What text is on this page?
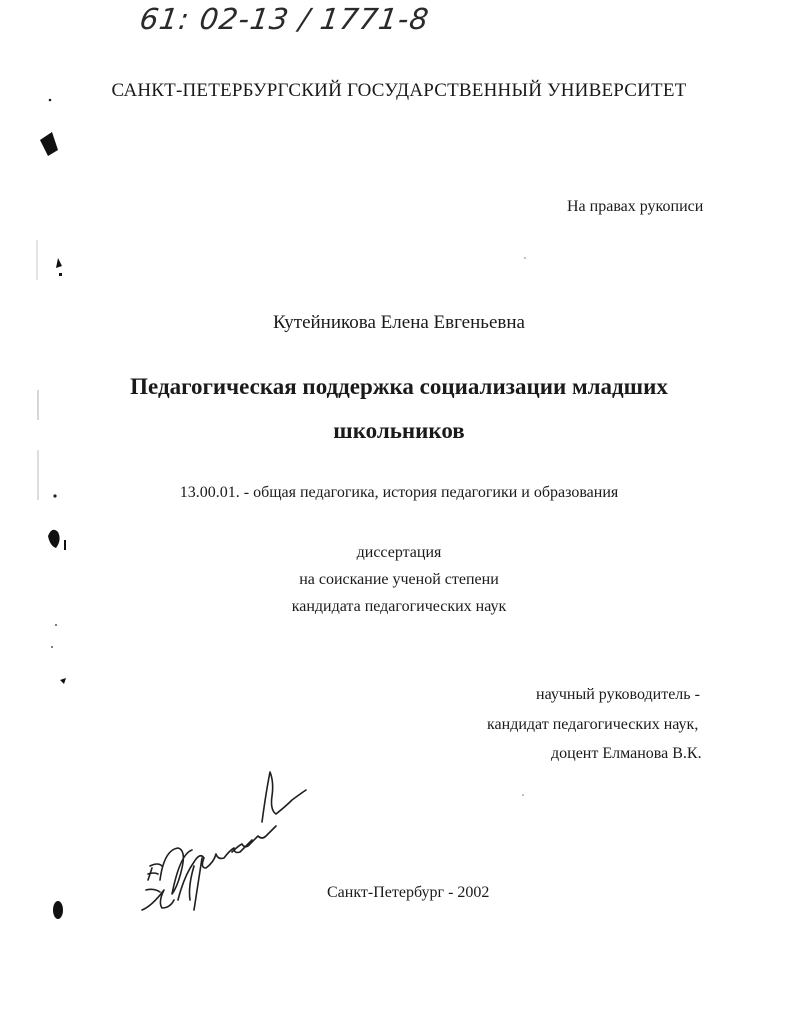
61: 02-13 / 1771-8
САНКТ-ПЕТЕРБУРГСКИЙ ГОСУДАРСТВЕННЫЙ УНИВЕРСИТЕТ
На правах рукописи
Кутейникова Елена Евгеньевна
Педагогическая поддержка социализации младших
школьников
13.00.01. - общая педагогика, история педагогики и образования
диссертация
на соискание ученой степени
кандидата педагогических наук
научный руководитель -
кандидат педагогических наук,
доцент Елманова В.К.
Санкт-Петербург - 2002
